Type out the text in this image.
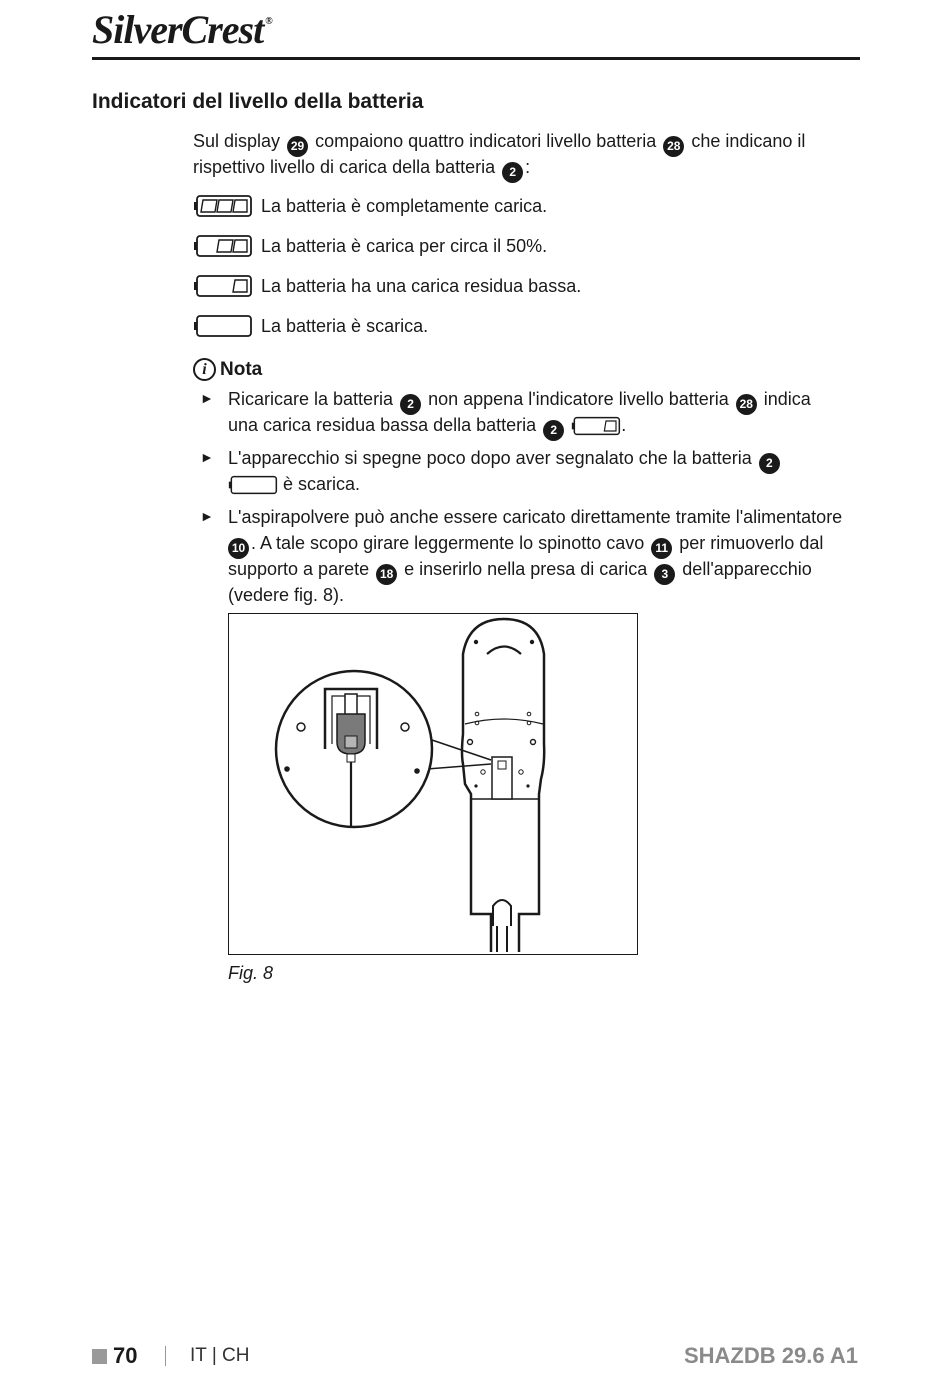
SilverCrest ®
Indicatori del livello della batteria
Sul display 29 compaiono quattro indicatori livello batteria 28 che indicano il
rispettivo livello di carica della batteria 2 :
La batteria è completamente carica.
La batteria è carica per circa il 50%.
La batteria ha una carica residua bassa.
La batteria è scarica.
i Nota
► Ricaricare la batteria 2 non appena l'indicatore livello batteria 28 indica
una carica residua bassa della batteria 2	.
► L'apparecchio si spegne poco dopo aver segnalato che la batteria 2
è scarica.
► L'aspirapolvere può anche essere caricato direttamente tramite l'alimentatore
10 . A tale scopo girare leggermente lo spinotto cavo 11 per rimuoverlo dal
supporto a parete 18 e inserirlo nella presa di carica 3 dell'apparecchio
(vedere fig. 8).
Fig. 8
70	IT | CH	SHAZDB 29.6 A1
